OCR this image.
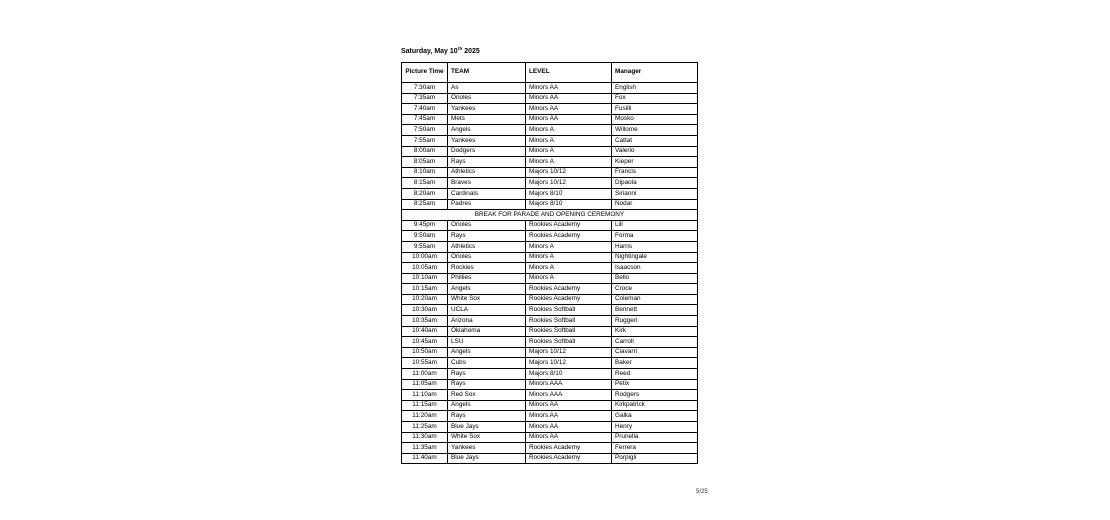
Saturday, May 10th 2025
Picture Time	TEAM	LEVEL	Manager
7:30am	As	Minors AA	English
7:35am	Orioles	Minors AA	Fox
7:40am	Yankees	Minors AA	Fusilli
7:45am	Mets	Minors AA	Mosko
7:50am	Angels	Minors A	Willome
7:55am	Yankees	Minors A	Cattat
8:00am	Dodgers	Minors A	Valerio
8:05am	Rays	Minors A	Kieper
8:10am	Athletics	Majors 10/12	Francis
8:15am	Braves	Majors 10/12	Dipaola
8:20am	Cardinals	Majors 8/10	Sirianni
8:25am	Padres	Majors 8/10	Nodar
BREAK FOR PARADE AND OPENING CEREMONY			
9:45pm	Orioles	Rookies Academy	Lill
9:50am	Rays	Rookies Academy	Forma
9:55am	Athletics	Minors A	Harris
10:00am	Orioles	Minors A	Nightingale
10:05am	Rockies	Minors A	Isaacson
10:10am	Phillies	Minors A	Bello
10:15am	Angels	Rookies Academy	Croce
10:20am	White Sox	Rookies Academy	Coleman
10:30am	UCLA	Rookies Softball	Bennett
10:35am	Arizona	Rookies Softball	Ruggeri
10:40am	Oklahoma	Rookies Softball	Kirk
10:45am	LSU	Rookies Softball	Carroll
10:50am	Angels	Majors 10/12	Ciavarri
10:55am	Cubs	Majors 10/12	Baker
11:00am	Rays	Majors 8/10	Reed
11:05am	Rays	Minors AAA	Petix
11:10am	Red Sox	Minors AAA	Rodgers
11:15am	Angels	Minors AA	Kirkpatrick
11:20am	Rays	Minors AA	Galka
11:25am	Blue Jays	Minors AA	Henry
11:30am	White Sox	Minors AA	Prunella
11:35am	Yankees	Rookies Academy	Ferrera
11:40am	Blue Jays	Rookies Academy	Porpigli
5/25
